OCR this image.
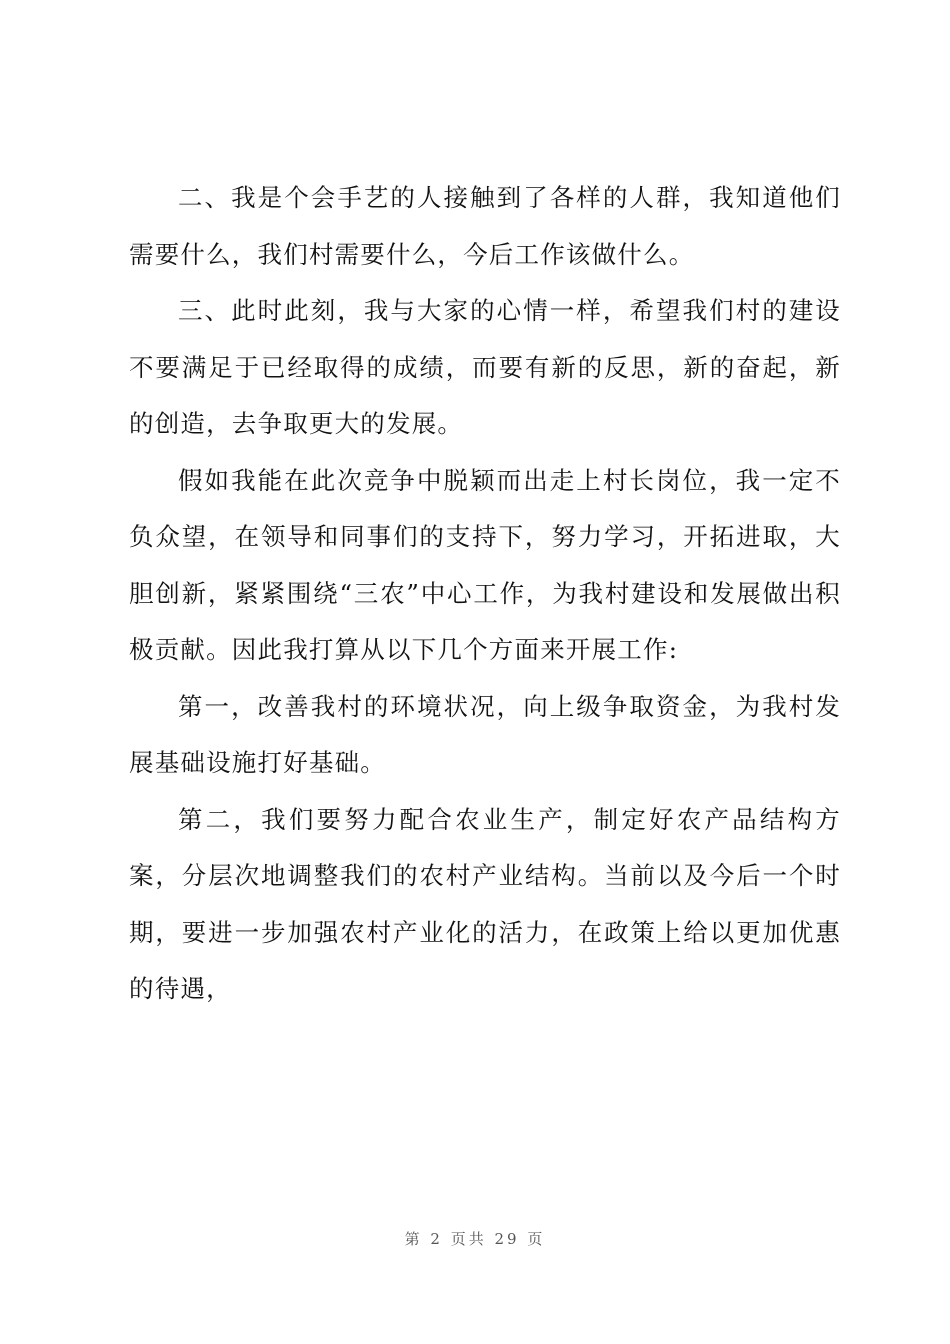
二、我是个会手艺的人接触到了各样的人群，我知道他们需要什么，我们村需要什么，今后工作该做什么。

三、此时此刻，我与大家的心情一样，希望我们村的建设不要满足于已经取得的成绩，而要有新的反思，新的奋起，新的创造，去争取更大的发展。

假如我能在此次竞争中脱颖而出走上村长岗位，我一定不负众望，在领导和同事们的支持下，努力学习，开拓进取，大胆创新，紧紧围绕“三农”中心工作，为我村建设和发展做出积极贡献。因此我打算从以下几个方面来开展工作:

第一，改善我村的环境状况，向上级争取资金，为我村发展基础设施打好基础。

第二，我们要努力配合农业生产，制定好农产品结构方案，分层次地调整我们的农村产业结构。当前以及今后一个时期，要进一步加强农村产业化的活力，在政策上给以更加优惠的待遇，

第 2 页共 29 页
